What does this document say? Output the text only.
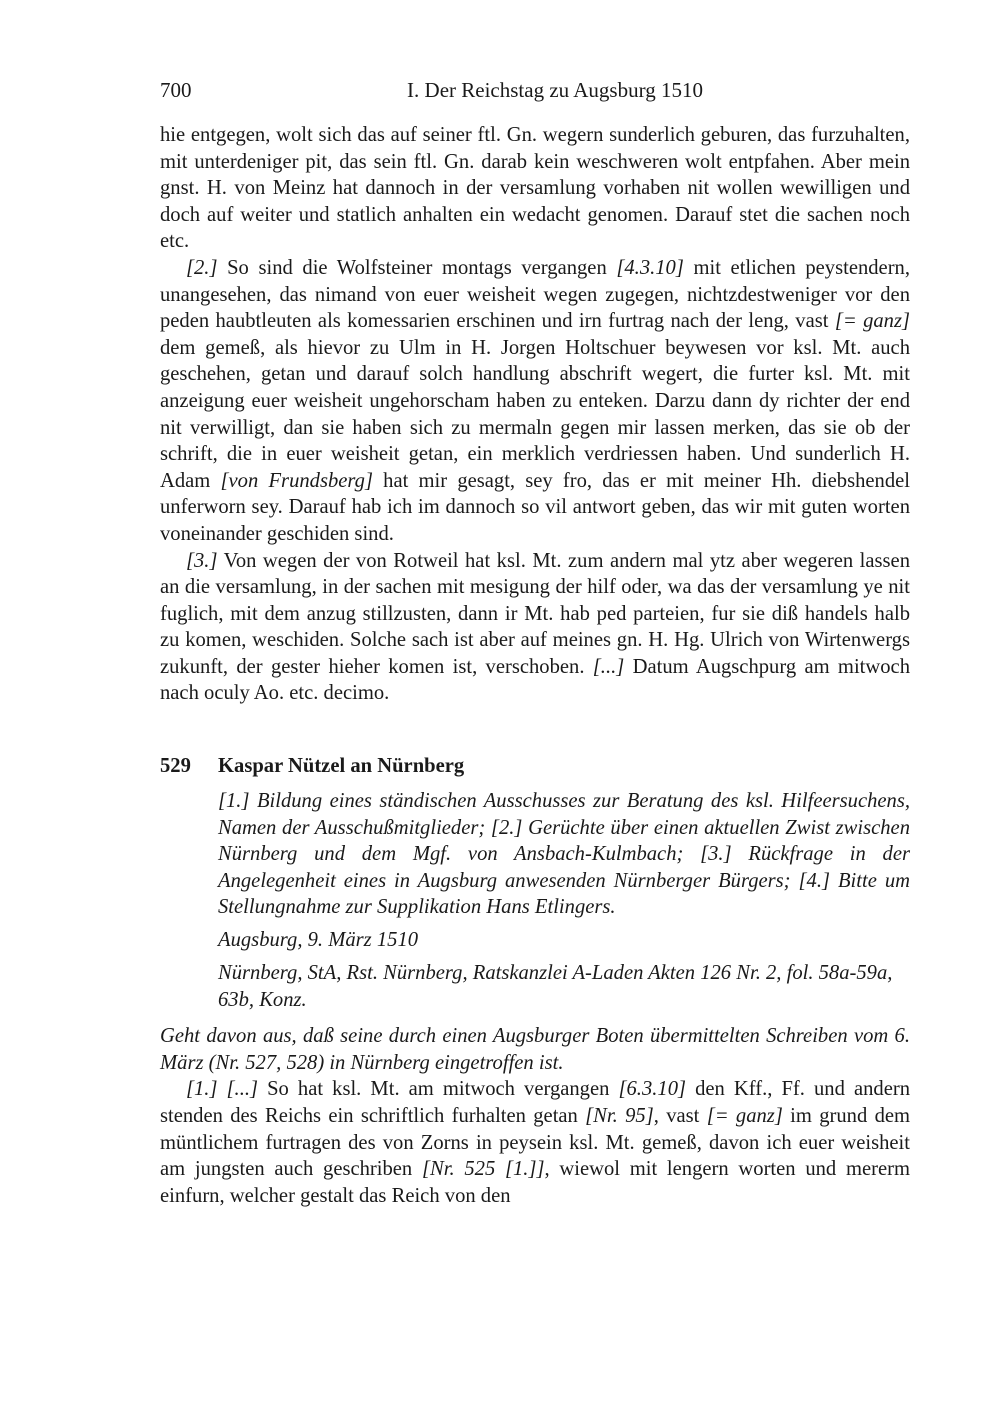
700	I. Der Reichstag zu Augsburg 1510

hie entgegen, wolt sich das auf seiner ftl. Gn. wegern sunderlich geburen, das furzuhalten, mit unterdeniger pit, das sein ftl. Gn. darab kein weschweren wolt entpfahen. Aber mein gnst. H. von Meinz hat dannoch in der versamlung vorhaben nit wollen wewilligen und doch auf weiter und statlich anhalten ein wedacht genomen. Darauf stet die sachen noch etc.

[2.] So sind die Wolfsteiner montags vergangen [4.3.10] mit etlichen peystendern, unangesehen, das nimand von euer weisheit wegen zugegen, nichtzdestweniger vor den peden haubtleuten als komessarien erschinen und irn furtrag nach der leng, vast [= ganz] dem gemeß, als hievor zu Ulm in H. Jorgen Holtschuer beywesen vor ksl. Mt. auch geschehen, getan und darauf solch handlung abschrift wegert, die furter ksl. Mt. mit anzeigung euer weisheit ungehorscham haben zu enteken. Darzu dann dy richter der end nit verwilligt, dan sie haben sich zu mermaln gegen mir lassen merken, das sie ob der schrift, die in euer weisheit getan, ein merklich verdriessen haben. Und sunderlich H. Adam [von Frundsberg] hat mir gesagt, sey fro, das er mit meiner Hh. diebshendel unferworn sey. Darauf hab ich im dannoch so vil antwort geben, das wir mit guten worten voneinander geschiden sind.

[3.] Von wegen der von Rotweil hat ksl. Mt. zum andern mal ytz aber wegeren lassen an die versamlung, in der sachen mit mesigung der hilf oder, wa das der versamlung ye nit fuglich, mit dem anzug stillzusten, dann ir Mt. hab ped parteien, fur sie diß handels halb zu komen, weschiden. Solche sach ist aber auf meines gn. H. Hg. Ulrich von Wirtenwergs zukunft, der gester hieher komen ist, verschoben. [...] Datum Augschpurg am mitwoch nach oculy Ao. etc. decimo.

529 Kaspar Nützel an Nürnberg
[1.] Bildung eines ständischen Ausschusses zur Beratung des ksl. Hilfeersuchens, Namen der Ausschußmitglieder; [2.] Gerüchte über einen aktuellen Zwist zwischen Nürnberg und dem Mgf. von Ansbach-Kulmbach; [3.] Rückfrage in der Angelegenheit eines in Augsburg anwesenden Nürnberger Bürgers; [4.] Bitte um Stellungnahme zur Supplikation Hans Etlingers.
Augsburg, 9. März 1510
Nürnberg, StA, Rst. Nürnberg, Ratskanzlei A-Laden Akten 126 Nr. 2, fol. 58a-59a, 63b, Konz.
Geht davon aus, daß seine durch einen Augsburger Boten übermittelten Schreiben vom 6. März (Nr. 527, 528) in Nürnberg eingetroffen ist.

[1.] [...] So hat ksl. Mt. am mitwoch vergangen [6.3.10] den Kff., Ff. und andern stenden des Reichs ein schriftlich furhalten getan [Nr. 95], vast [= ganz] im grund dem müntlichem furtragen des von Zorns in peysein ksl. Mt. gemeß, davon ich euer weisheit am jungsten auch geschriben [Nr. 525 [1.]], wiewol mit lengern worten und mererm einfurn, welcher gestalt das Reich von den
